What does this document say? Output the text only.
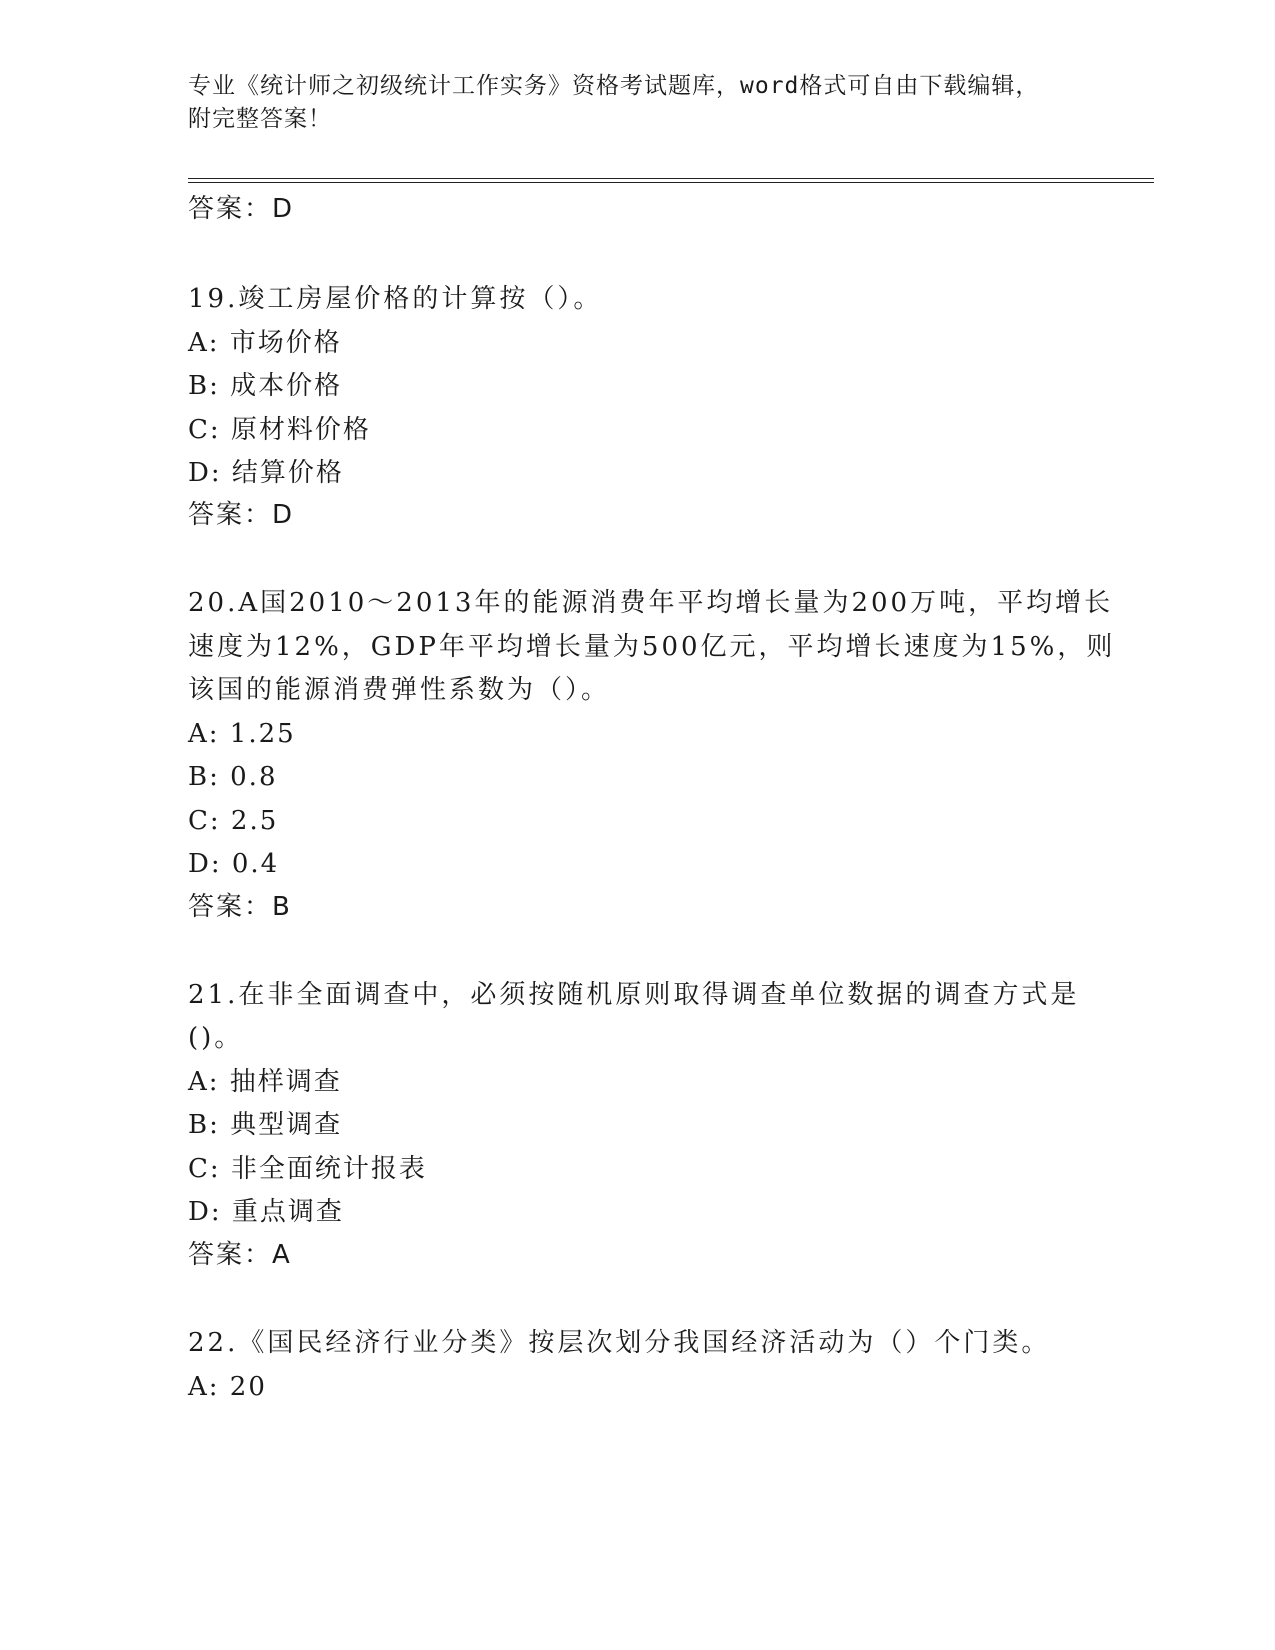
专业《统计师之初级统计工作实务》资格考试题库，word格式可自由下载编辑，
附完整答案！
答案：D
19.竣工房屋价格的计算按（）。
A: 市场价格
B: 成本价格
C: 原材料价格
D: 结算价格
答案：D
20.A国2010～2013年的能源消费年平均增长量为200万吨，平均增长
速度为12%，GDP年平均增长量为500亿元，平均增长速度为15%，则
该国的能源消费弹性系数为（）。
A: 1.25
B: 0.8
C: 2.5
D: 0.4
答案：B
21.在非全面调查中，必须按随机原则取得调查单位数据的调查方式是
()。
A: 抽样调查
B: 典型调查
C: 非全面统计报表
D: 重点调查
答案：A
22.《国民经济行业分类》按层次划分我国经济活动为（）个门类。
A: 20
